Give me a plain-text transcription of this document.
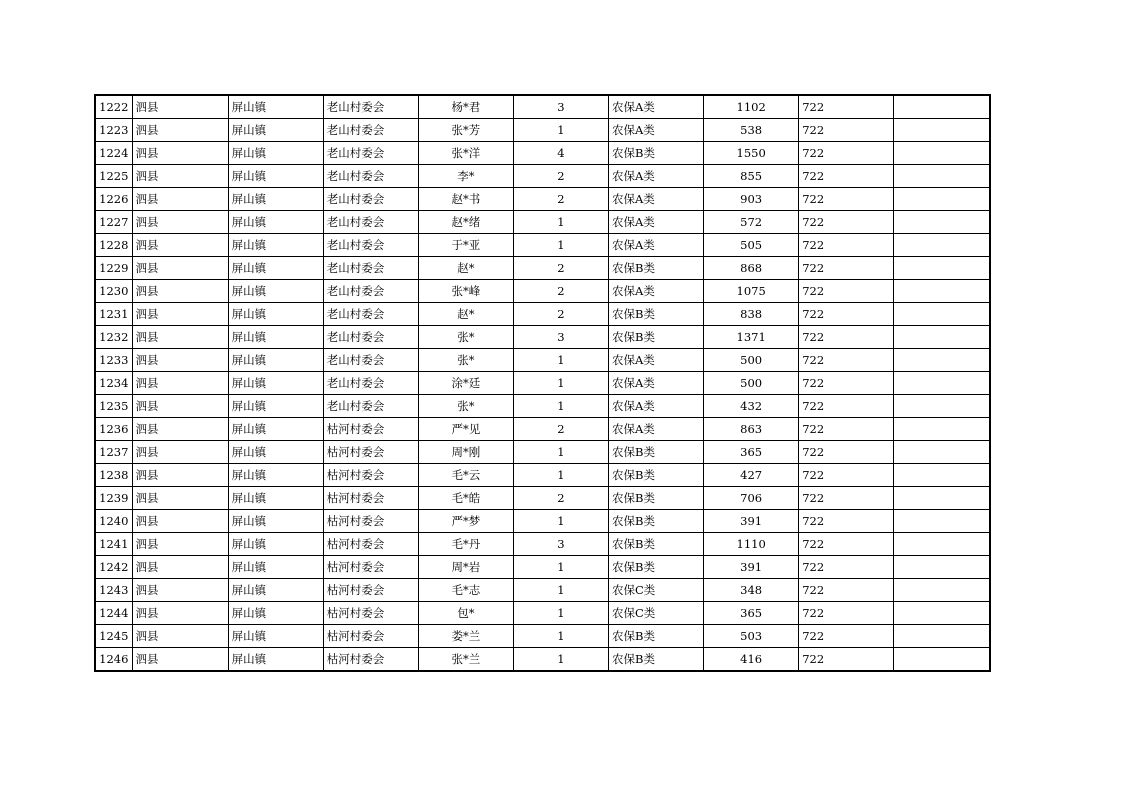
1222	泗县	屏山镇	老山村委会	杨*君	3	农保A类	1102	722	
1223	泗县	屏山镇	老山村委会	张*芳	1	农保A类	538	722	
1224	泗县	屏山镇	老山村委会	张*洋	4	农保B类	1550	722	
1225	泗县	屏山镇	老山村委会	李*	2	农保A类	855	722	
1226	泗县	屏山镇	老山村委会	赵*书	2	农保A类	903	722	
1227	泗县	屏山镇	老山村委会	赵*绪	1	农保A类	572	722	
1228	泗县	屏山镇	老山村委会	于*亚	1	农保A类	505	722	
1229	泗县	屏山镇	老山村委会	赵*	2	农保B类	868	722	
1230	泗县	屏山镇	老山村委会	张*峰	2	农保A类	1075	722	
1231	泗县	屏山镇	老山村委会	赵*	2	农保B类	838	722	
1232	泗县	屏山镇	老山村委会	张*	3	农保B类	1371	722	
1233	泗县	屏山镇	老山村委会	张*	1	农保A类	500	722	
1234	泗县	屏山镇	老山村委会	涂*廷	1	农保A类	500	722	
1235	泗县	屏山镇	老山村委会	张*	1	农保A类	432	722	
1236	泗县	屏山镇	枯河村委会	严*见	2	农保A类	863	722	
1237	泗县	屏山镇	枯河村委会	周*刚	1	农保B类	365	722	
1238	泗县	屏山镇	枯河村委会	毛*云	1	农保B类	427	722	
1239	泗县	屏山镇	枯河村委会	毛*皓	2	农保B类	706	722	
1240	泗县	屏山镇	枯河村委会	严*梦	1	农保B类	391	722	
1241	泗县	屏山镇	枯河村委会	毛*丹	3	农保B类	1110	722	
1242	泗县	屏山镇	枯河村委会	周*岩	1	农保B类	391	722	
1243	泗县	屏山镇	枯河村委会	毛*志	1	农保C类	348	722	
1244	泗县	屏山镇	枯河村委会	包*	1	农保C类	365	722	
1245	泗县	屏山镇	枯河村委会	娄*兰	1	农保B类	503	722	
1246	泗县	屏山镇	枯河村委会	张*兰	1	农保B类	416	722	
